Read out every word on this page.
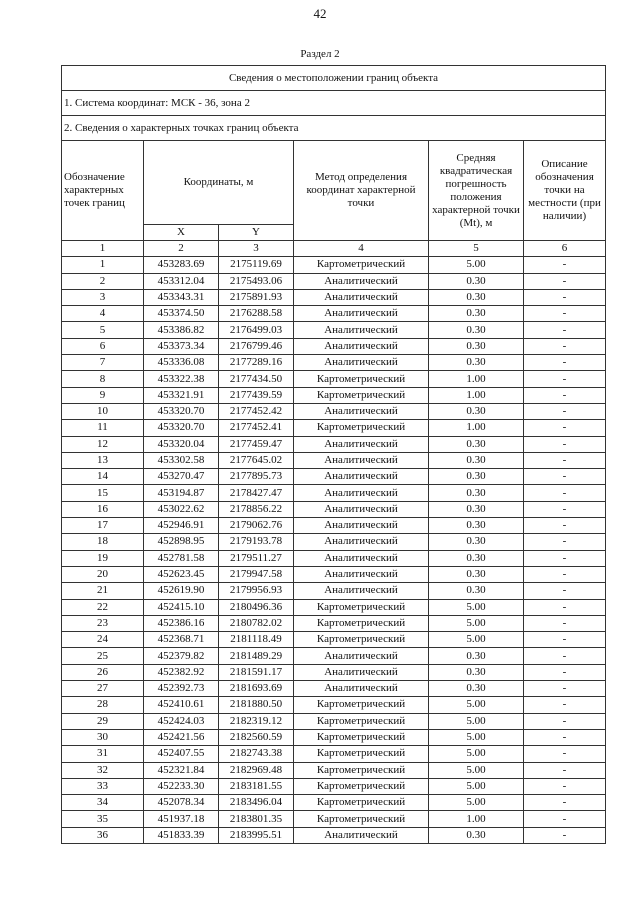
42
Раздел 2
Сведения о местоположении границ объекта					
1. Система координат: МСК - 36, зона 2					
2. Сведения о характерных точках границ объекта					
Обозначение характерных точек границ	Координаты, м		Метод определения координат характерной точки	Средняя квадратическая погрешность положения характерной точки (Mt), м	Описание обозначения точки на местности (при наличии)
	X	Y			
1	2	3	4	5	6
1	453283.69	2175119.69	Картометрический	5.00	-
2	453312.04	2175493.06	Аналитический	0.30	-
3	453343.31	2175891.93	Аналитический	0.30	-
4	453374.50	2176288.58	Аналитический	0.30	-
5	453386.82	2176499.03	Аналитический	0.30	-
6	453373.34	2176799.46	Аналитический	0.30	-
7	453336.08	2177289.16	Аналитический	0.30	-
8	453322.38	2177434.50	Картометрический	1.00	-
9	453321.91	2177439.59	Картометрический	1.00	-
10	453320.70	2177452.42	Аналитический	0.30	-
11	453320.70	2177452.41	Картометрический	1.00	-
12	453320.04	2177459.47	Аналитический	0.30	-
13	453302.58	2177645.02	Аналитический	0.30	-
14	453270.47	2177895.73	Аналитический	0.30	-
15	453194.87	2178427.47	Аналитический	0.30	-
16	453022.62	2178856.22	Аналитический	0.30	-
17	452946.91	2179062.76	Аналитический	0.30	-
18	452898.95	2179193.78	Аналитический	0.30	-
19	452781.58	2179511.27	Аналитический	0.30	-
20	452623.45	2179947.58	Аналитический	0.30	-
21	452619.90	2179956.93	Аналитический	0.30	-
22	452415.10	2180496.36	Картометрический	5.00	-
23	452386.16	2180782.02	Картометрический	5.00	-
24	452368.71	2181118.49	Картометрический	5.00	-
25	452379.82	2181489.29	Аналитический	0.30	-
26	452382.92	2181591.17	Аналитический	0.30	-
27	452392.73	2181693.69	Аналитический	0.30	-
28	452410.61	2181880.50	Картометрический	5.00	-
29	452424.03	2182319.12	Картометрический	5.00	-
30	452421.56	2182560.59	Картометрический	5.00	-
31	452407.55	2182743.38	Картометрический	5.00	-
32	452321.84	2182969.48	Картометрический	5.00	-
33	452233.30	2183181.55	Картометрический	5.00	-
34	452078.34	2183496.04	Картометрический	5.00	-
35	451937.18	2183801.35	Картометрический	1.00	-
36	451833.39	2183995.51	Аналитический	0.30	-
